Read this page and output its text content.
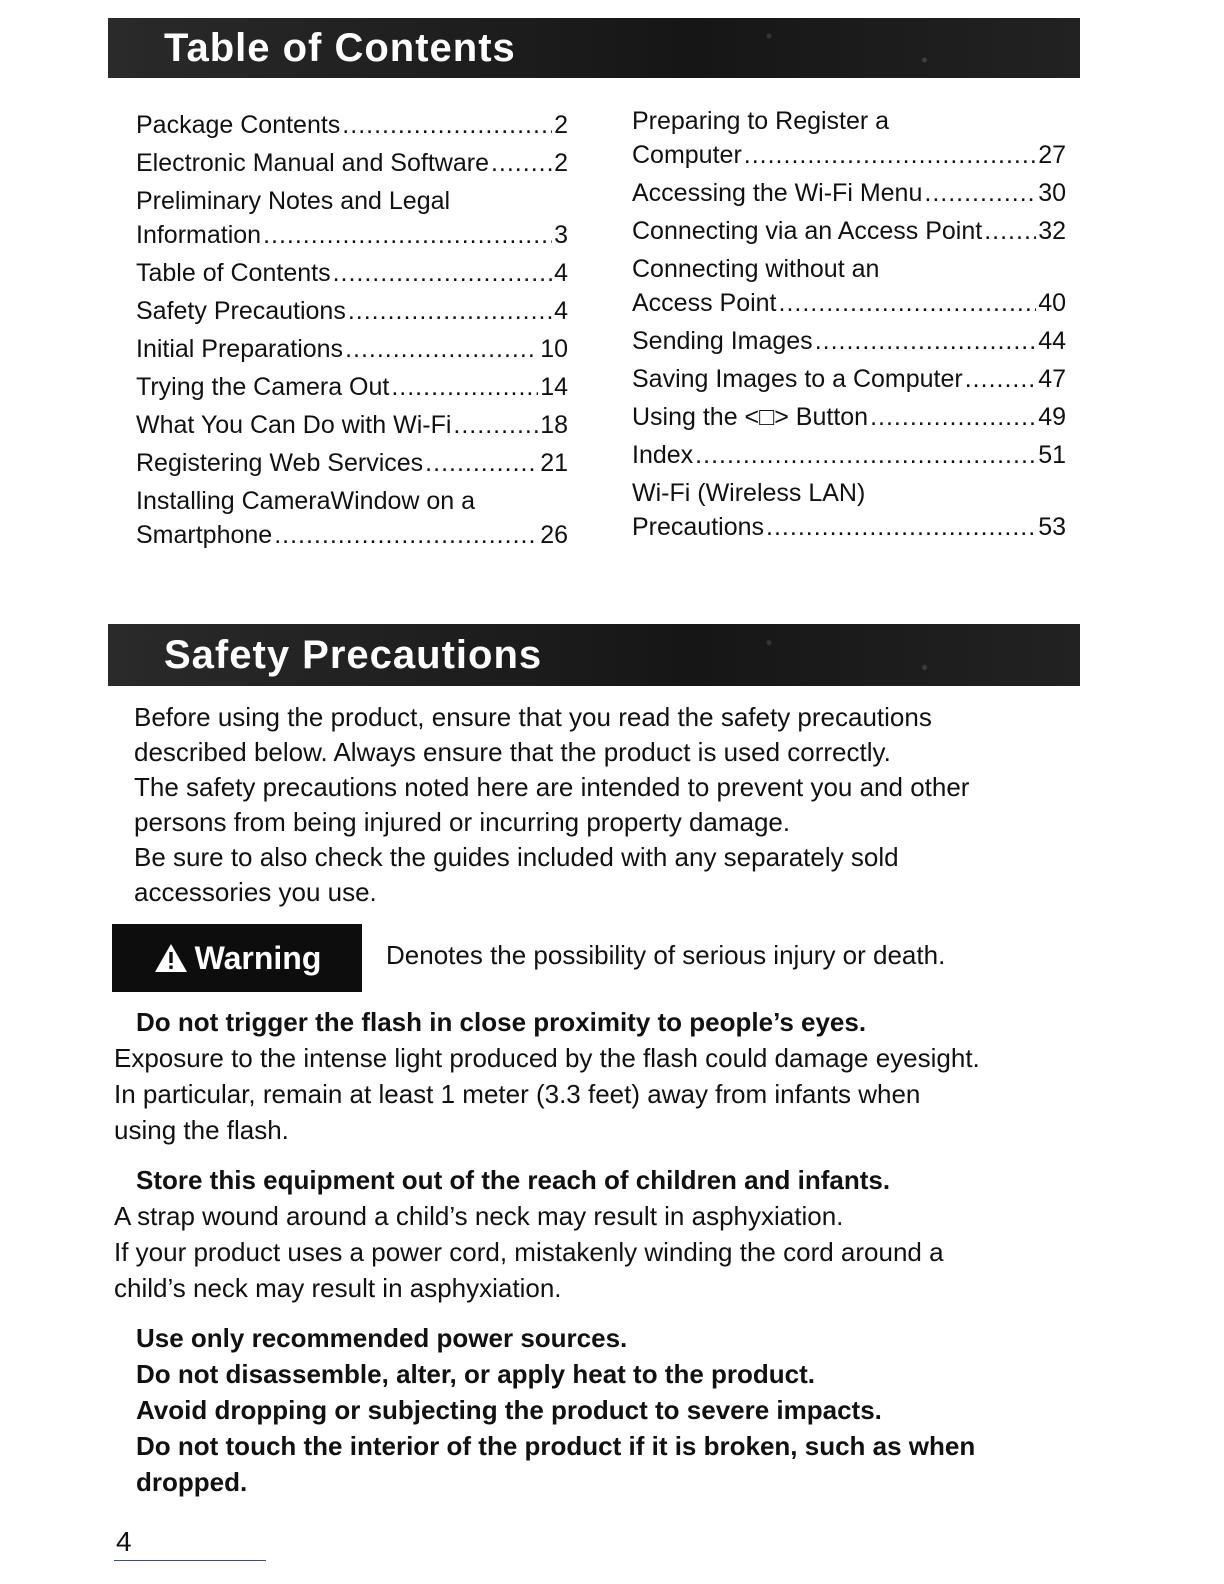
Table of Contents
Package Contents .....	2
Electronic Manual and Software .....	2
Preliminary Notes and Legal
Information .....	3
Table of Contents .....	4
Safety Precautions .....	4
Initial Preparations .....	10
Trying the Camera Out .....	14
What You Can Do with Wi-Fi .....	18
Registering Web Services .....	21
Installing CameraWindow on a
Smartphone .....	26
Preparing to Register a
Computer .....	27
Accessing the Wi-Fi Menu .....	30
Connecting via an Access Point ..... 32
Connecting without an
Access Point .....	40
Sending Images .....	44
Saving Images to a Computer .....	47
Using the <□> Button .....	49
Index .....	51
Wi-Fi (Wireless LAN)
Precautions .....	53
Safety Precautions

Before using the product, ensure that you read the safety precautions

described below. Always ensure that the product is used correctly.

The safety precautions noted here are intended to prevent you and other

persons from being injured or incurring property damage.

Be sure to also check the guides included with any separately sold

accessories you use.

Warning Denotes the possibility of serious injury or death.

Do not trigger the flash in close proximity to people’s eyes.

Exposure to the intense light produced by the flash could damage eyesight.

In particular, remain at least 1 meter (3.3 feet) away from infants when

using the flash.

Store this equipment out of the reach of children and infants.

A strap wound around a child’s neck may result in asphyxiation.

If your product uses a power cord, mistakenly winding the cord around a

child’s neck may result in asphyxiation.

Use only recommended power sources.

Do not disassemble, alter, or apply heat to the product.

Avoid dropping or subjecting the product to severe impacts.

Do not touch the interior of the product if it is broken, such as when

dropped.

4
